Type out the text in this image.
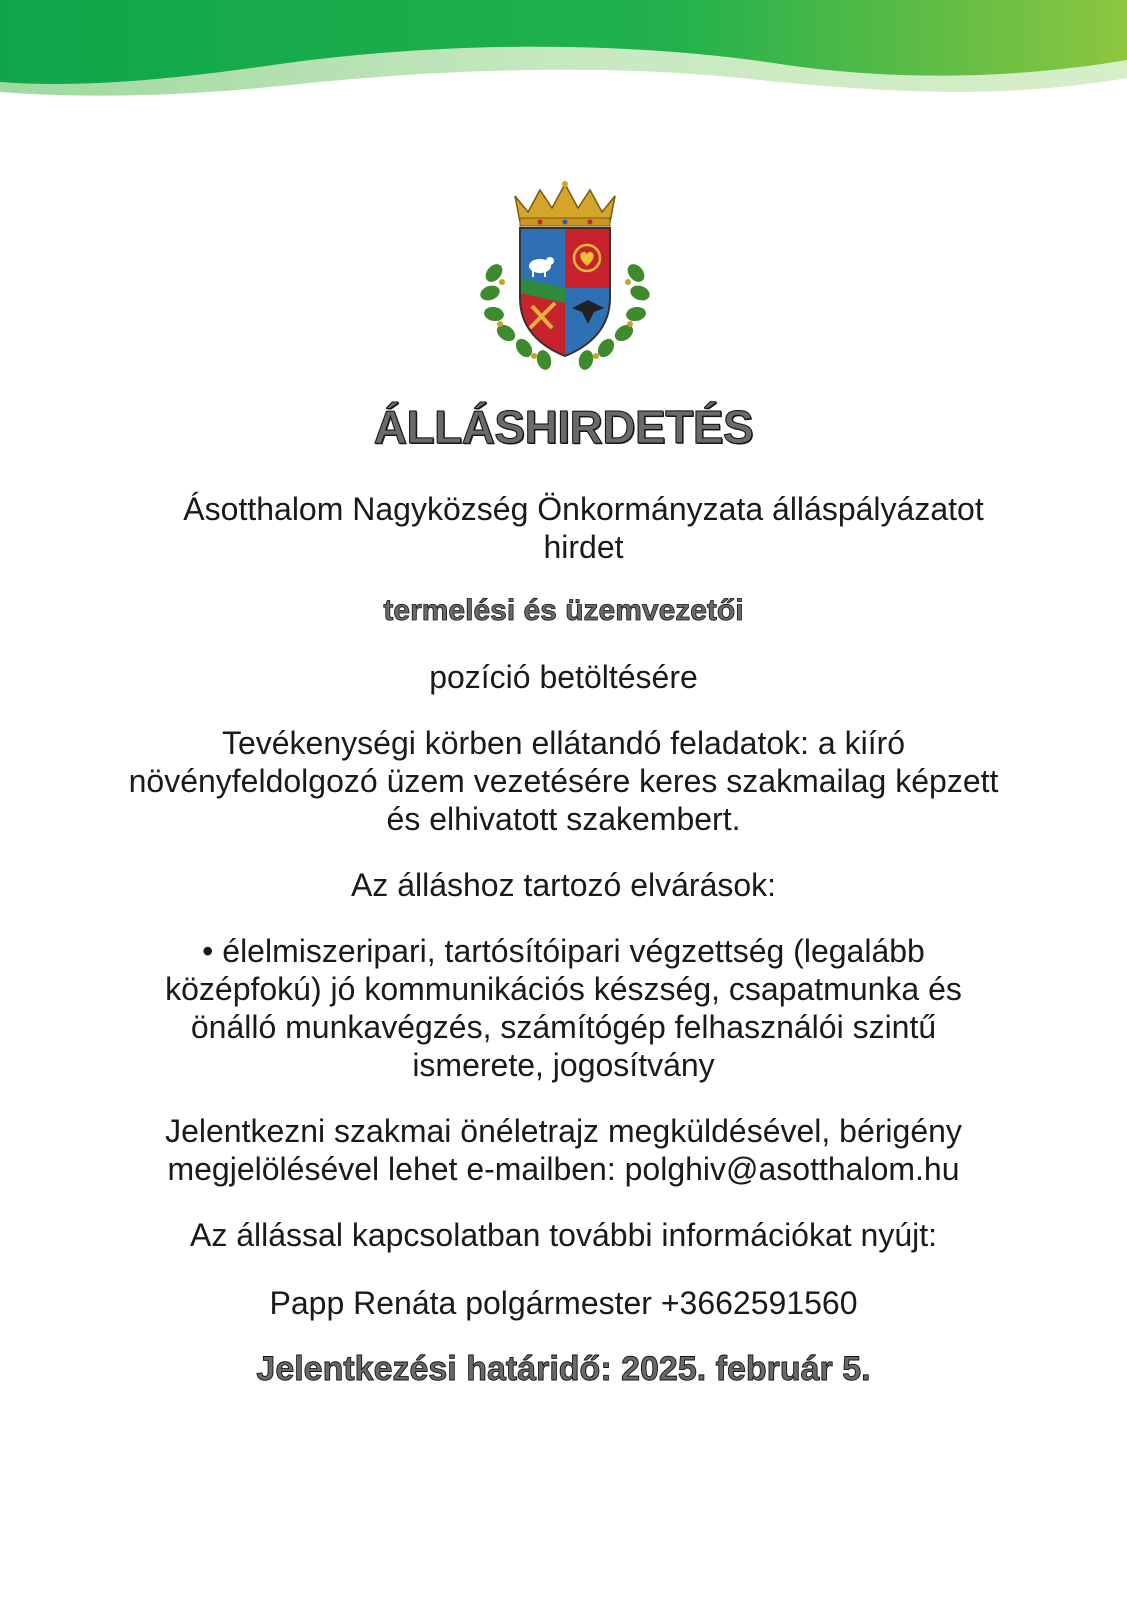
ÁLLÁSHIRDETÉS

Ásotthalom Nagyközség Önkormányzata álláspályázatot
hirdet

termelési és üzemvezetői

pozíció betöltésére

Tevékenységi körben ellátandó feladatok: a kiíró
növényfeldolgozó üzem vezetésére keres szakmailag képzett
és elhivatott szakembert.

Az álláshoz tartozó elvárások:

• élelmiszeripari, tartósítóipari végzettség (legalább
középfokú) jó kommunikációs készség, csapatmunka és
önálló munkavégzés, számítógép felhasználói szintű
ismerete, jogosítvány

Jelentkezni szakmai önéletrajz megküldésével, bérigény
megjelölésével lehet e-mailben: polghiv@asotthalom.hu

Az állással kapcsolatban további információkat nyújt:

Papp Renáta polgármester +3662591560

Jelentkezési határidő: 2025. február 5.
